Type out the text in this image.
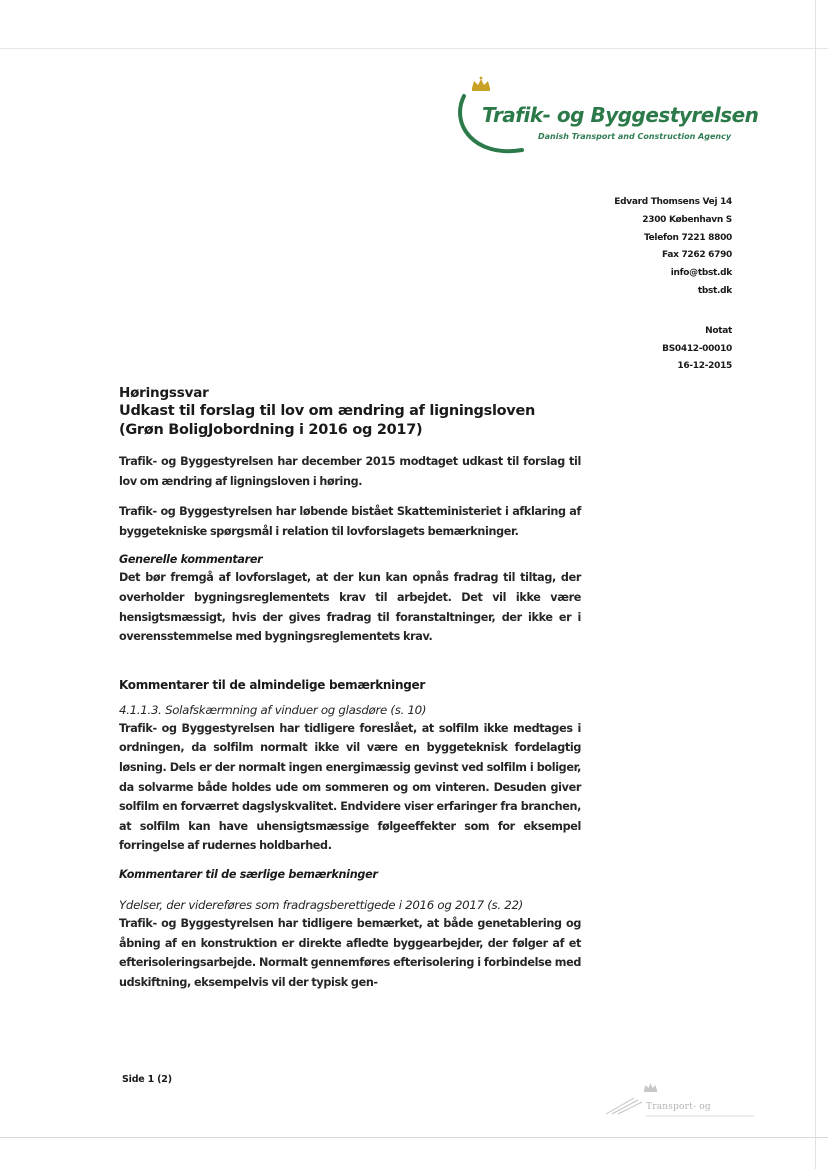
Trafik- og Byggestyrelsen
Danish Transport and Construction Agency
Edvard Thomsens Vej 14
2300 København S
Telefon 7221 8800
Fax 7262 6790
info@tbst.dk
tbst.dk
Notat
BS0412-00010
16-12-2015

Høringssvar

Udkast til forslag til lov om ændring af ligningsloven
(Grøn BoligJobordning i 2016 og 2017)

Trafik- og Byggestyrelsen har december 2015 modtaget udkast til forslag til lov om ændring af ligningsloven i høring.

Trafik- og Byggestyrelsen har løbende bistået Skatteministeriet i afklaring af byggetekniske spørgsmål i relation til lovforslagets bemærkninger.

Generelle kommentarer

Det bør fremgå af lovforslaget, at der kun kan opnås fradrag til tiltag, der overholder bygningsreglementets krav til arbejdet. Det vil ikke være hensigtsmæssigt, hvis der gives fradrag til foranstaltninger, der ikke er i overensstemmelse med bygningsreglementets krav.

Kommentarer til de almindelige bemærkninger

4.1.1.3. Solafskærmning af vinduer og glasdøre (s. 10)

Trafik- og Byggestyrelsen har tidligere foreslået, at solfilm ikke medtages i ordningen, da solfilm normalt ikke vil være en byggeteknisk fordelagtig løsning. Dels er der normalt ingen energimæssig gevinst ved solfilm i boliger, da solvarme både holdes ude om sommeren og om vinteren. Desuden giver solfilm en forværret dagslyskvalitet. Endvidere viser erfaringer fra branchen, at solfilm kan have uhensigtsmæssige følgeeffekter som for eksempel forringelse af rudernes holdbarhed.

Kommentarer til de særlige bemærkninger

Ydelser, der videreføres som fradragsberettigede i 2016 og 2017 (s. 22)

Trafik- og Byggestyrelsen har tidligere bemærket, at både genetablering og åbning af en konstruktion er direkte afledte byggearbejder, der følger af et efterisoleringsarbejde. Normalt gennemføres efterisolering i forbindelse med udskiftning, eksempelvis vil der typisk gen-

Side 1 (2)
Transport- og
